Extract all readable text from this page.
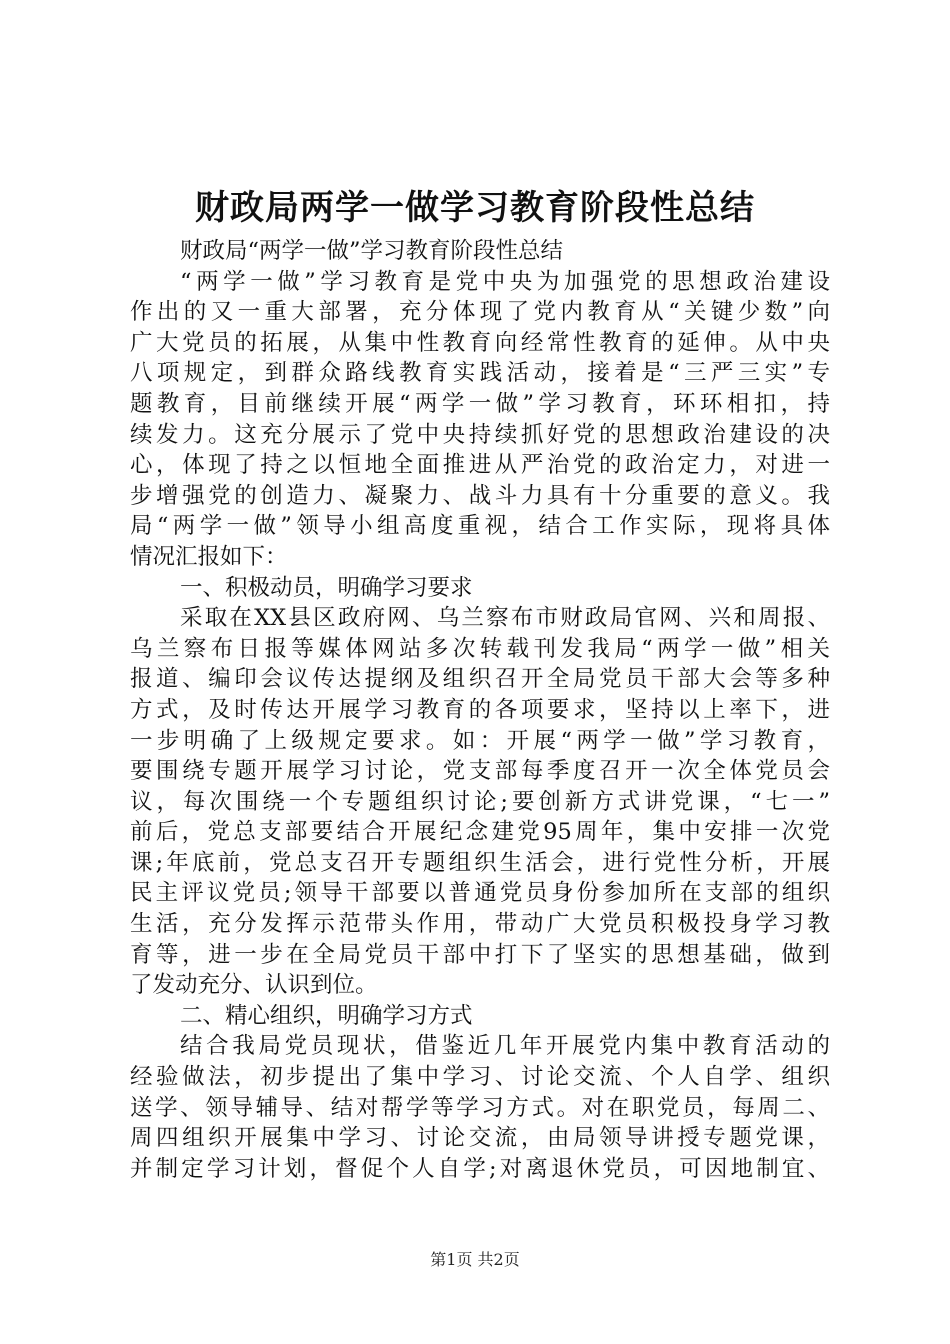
财政局两学一做学习教育阶段性总结
财政局“两学一做”学习教育阶段性总结
“两学一做”学习教育是党中央为加强党的思想政治建设
作出的又一重大部署，充分体现了党内教育从“关键少数”向
广大党员的拓展，从集中性教育向经常性教育的延伸。从中央
八项规定，到群众路线教育实践活动，接着是“三严三实”专
题教育，目前继续开展“两学一做”学习教育，环环相扣，持
续发力。这充分展示了党中央持续抓好党的思想政治建设的决
心，体现了持之以恒地全面推进从严治党的政治定力，对进一
步增强党的创造力、凝聚力、战斗力具有十分重要的意义。我
局“两学一做”领导小组高度重视，结合工作实际，现将具体
情况汇报如下：
一、积极动员，明确学习要求
采取在XX县区政府网、乌兰察布市财政局官网、兴和周报、
乌兰察布日报等媒体网站多次转载刊发我局“两学一做”相关
报道、编印会议传达提纲及组织召开全局党员干部大会等多种
方式，及时传达开展学习教育的各项要求，坚持以上率下，进
一步明确了上级规定要求。如：开展“两学一做”学习教育，
要围绕专题开展学习讨论，党支部每季度召开一次全体党员会
议，每次围绕一个专题组织讨论;要创新方式讲党课，“七一”
前后，党总支部要结合开展纪念建党95周年，集中安排一次党
课;年底前，党总支召开专题组织生活会，进行党性分析，开展
民主评议党员;领导干部要以普通党员身份参加所在支部的组织
生活，充分发挥示范带头作用，带动广大党员积极投身学习教
育等，进一步在全局党员干部中打下了坚实的思想基础，做到
了发动充分、认识到位。
二、精心组织，明确学习方式
结合我局党员现状，借鉴近几年开展党内集中教育活动的
经验做法，初步提出了集中学习、讨论交流、个人自学、组织
送学、领导辅导、结对帮学等学习方式。对在职党员，每周二、
周四组织开展集中学习、讨论交流，由局领导讲授专题党课，
并制定学习计划，督促个人自学;对离退休党员，可因地制宜、
第1页 共2页
